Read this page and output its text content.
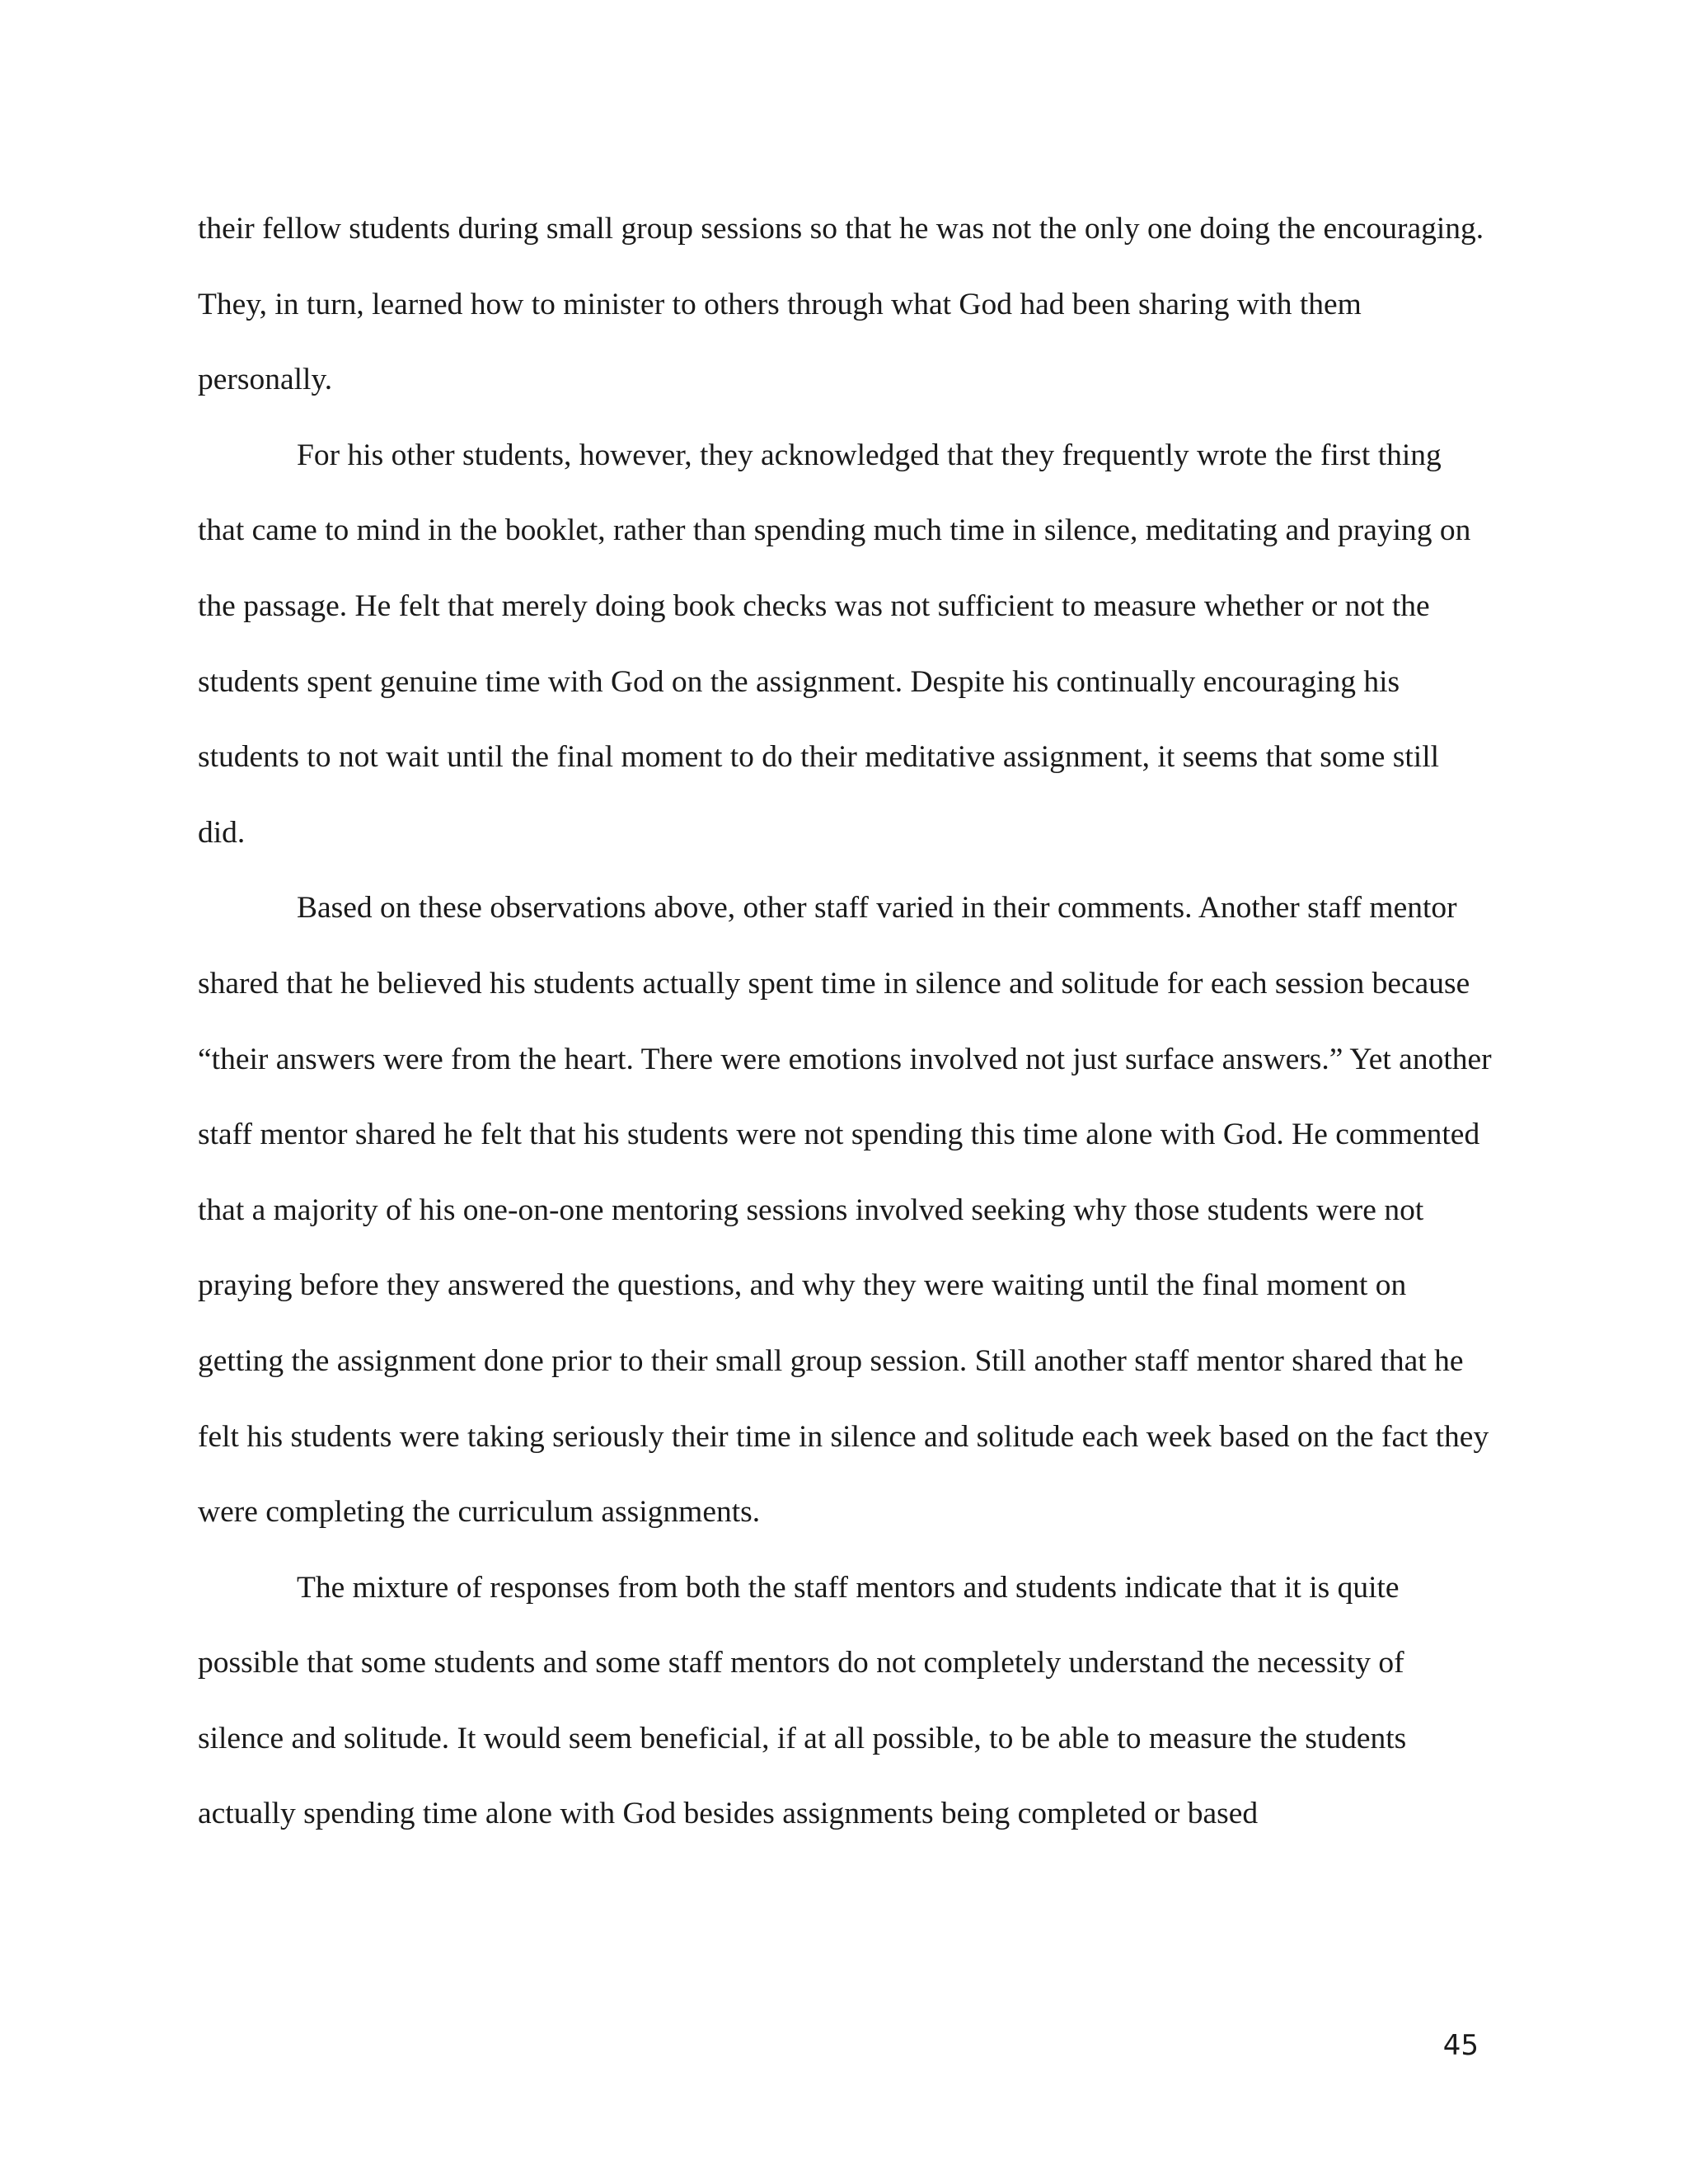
their fellow students during small group sessions so that he was not the only one doing the encouraging. They, in turn, learned how to minister to others through what God had been sharing with them personally.

For his other students, however, they acknowledged that they frequently wrote the first thing that came to mind in the booklet, rather than spending much time in silence, meditating and praying on the passage. He felt that merely doing book checks was not sufficient to measure whether or not the students spent genuine time with God on the assignment. Despite his continually encouraging his students to not wait until the final moment to do their meditative assignment, it seems that some still did.

Based on these observations above, other staff varied in their comments. Another staff mentor shared that he believed his students actually spent time in silence and solitude for each session because “their answers were from the heart. There were emotions involved not just surface answers.” Yet another staff mentor shared he felt that his students were not spending this time alone with God. He commented that a majority of his one-on-one mentoring sessions involved seeking why those students were not praying before they answered the questions, and why they were waiting until the final moment on getting the assignment done prior to their small group session. Still another staff mentor shared that he felt his students were taking seriously their time in silence and solitude each week based on the fact they were completing the curriculum assignments.

The mixture of responses from both the staff mentors and students indicate that it is quite possible that some students and some staff mentors do not completely understand the necessity of silence and solitude. It would seem beneficial, if at all possible, to be able to measure the students actually spending time alone with God besides assignments being completed or based

45
